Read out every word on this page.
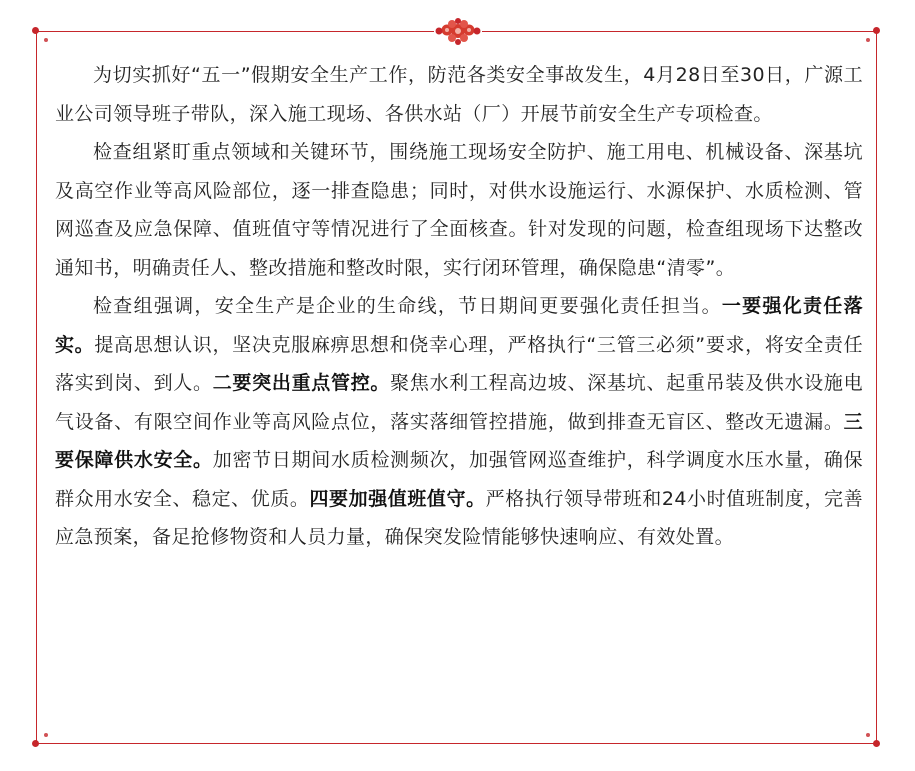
为切实抓好“五一”假期安全生产工作，防范各类安全事故发生，4月28日至30日，广源工业公司领导班子带队，深入施工现场、各供水站（厂）开展节前安全生产专项检查。

检查组紧盯重点领域和关键环节，围绕施工现场安全防护、施工用电、机械设备、深基坑及高空作业等高风险部位，逐一排查隐患；同时，对供水设施运行、水源保护、水质检测、管网巡查及应急保障、值班值守等情况进行了全面核查。针对发现的问题，检查组现场下达整改通知书，明确责任人、整改措施和整改时限，实行闭环管理，确保隐患“清零”。

检查组强调，安全生产是企业的生命线，节日期间更要强化责任担当。一要强化责任落实。提高思想认识，坚决克服麻痹思想和侥幸心理，严格执行“三管三必须”要求，将安全责任落实到岗、到人。二要突出重点管控。聚焦水利工程高边坡、深基坑、起重吊装及供水设施电气设备、有限空间作业等高风险点位，落实落细管控措施，做到排查无盲区、整改无遗漏。三要保障供水安全。加密节日期间水质检测频次，加强管网巡查维护，科学调度水压水量，确保群众用水安全、稳定、优质。四要加强值班值守。严格执行领导带班和24小时值班制度，完善应急预案，备足抢修物资和人员力量，确保突发险情能够快速响应、有效处置。
